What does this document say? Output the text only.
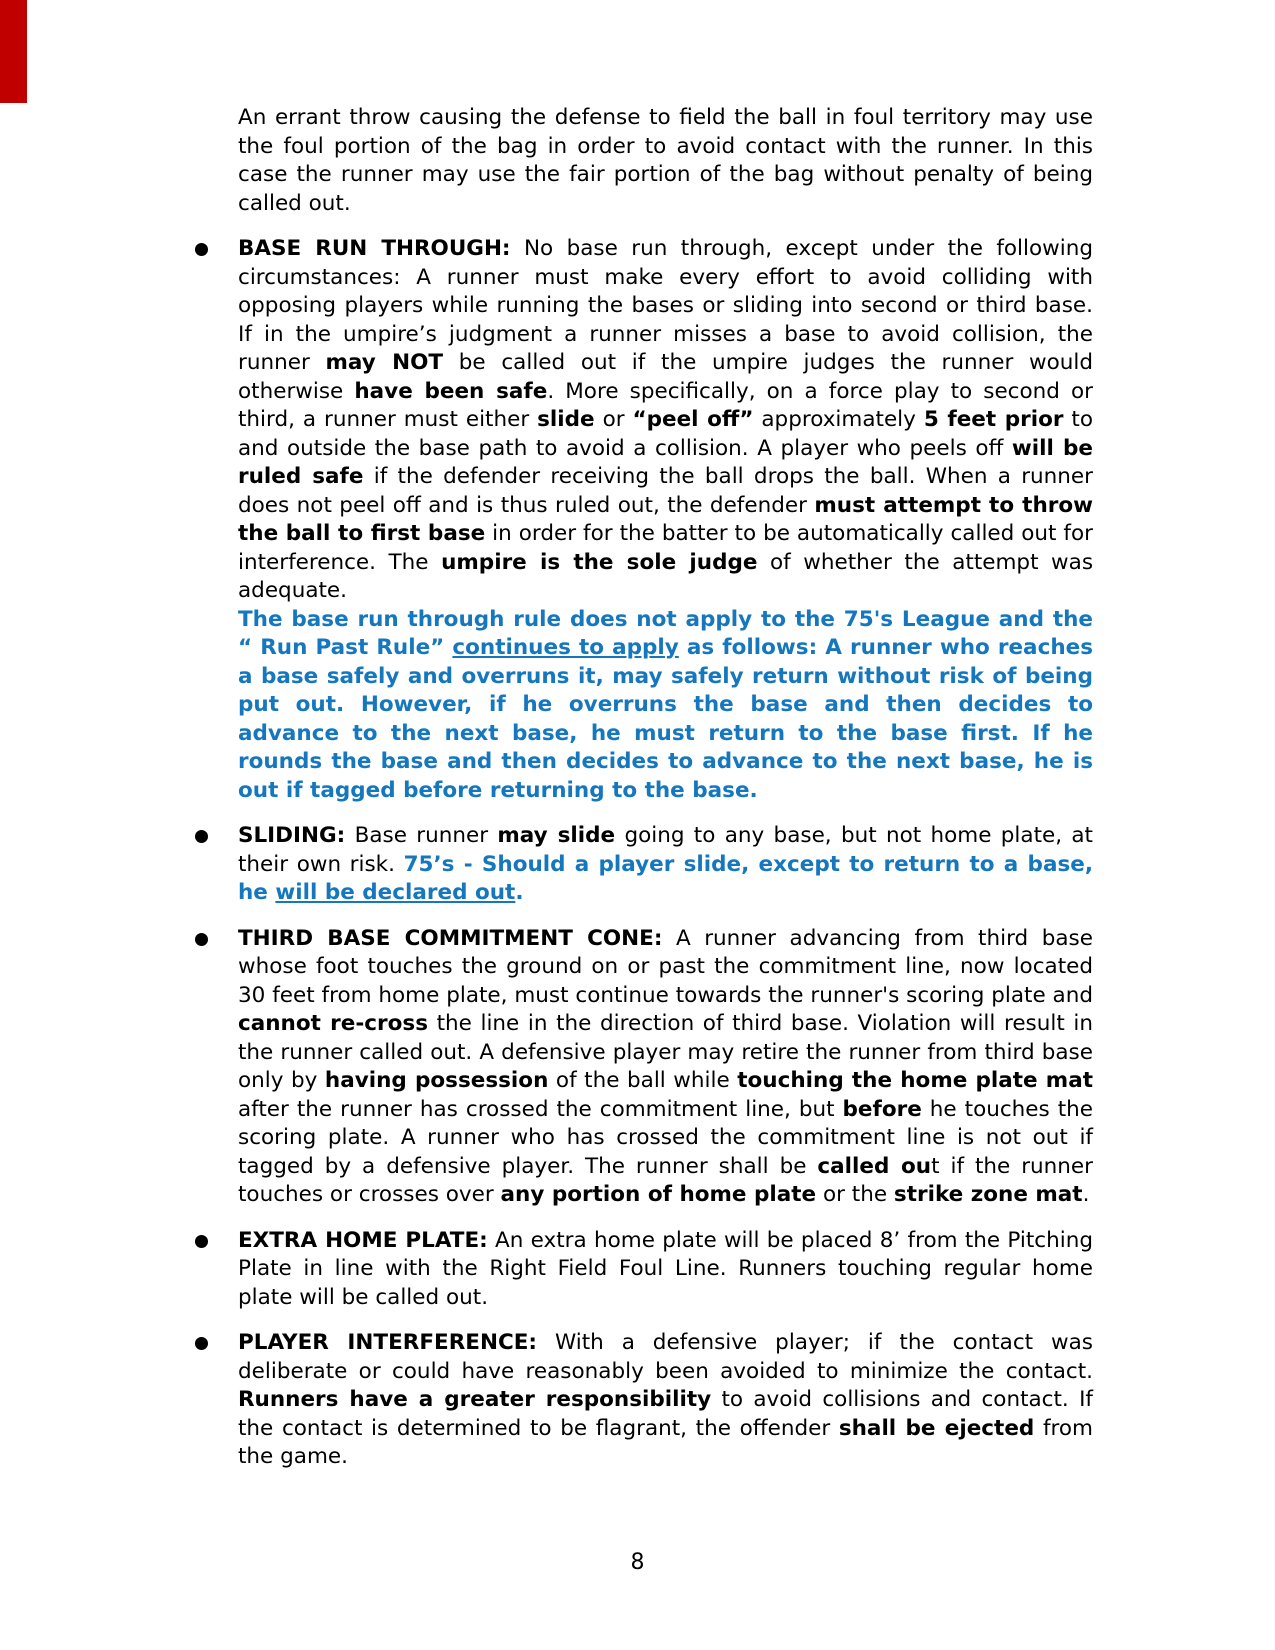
An errant throw causing the defense to field the ball in foul territory may use the foul portion of the bag in order to avoid contact with the runner. In this case the runner may use the fair portion of the bag without penalty of being called out.

BASE RUN THROUGH: No base run through, except under the following circumstances: A runner must make every effort to avoid colliding with opposing players while running the bases or sliding into second or third base. If in the umpire’s judgment a runner misses a base to avoid collision, the runner may NOT be called out if the umpire judges the runner would otherwise have been safe. More specifically, on a force play to second or third, a runner must either slide or “peel off” approximately 5 feet prior to and outside the base path to avoid a collision. A player who peels off will be ruled safe if the defender receiving the ball drops the ball. When a runner does not peel off and is thus ruled out, the defender must attempt to throw the ball to first base in order for the batter to be automatically called out for interference. The umpire is the sole judge of whether the attempt was adequate.
The base run through rule does not apply to the 75's League and the “ Run Past Rule” continues to apply as follows: A runner who reaches a base safely and overruns it, may safely return without risk of being put out. However, if he overruns the base and then decides to advance to the next base, he must return to the base first. If he rounds the base and then decides to advance to the next base, he is out if tagged before returning to the base.
SLIDING: Base runner may slide going to any base, but not home plate, at their own risk. 75’s - Should a player slide, except to return to a base, he will be declared out.
THIRD BASE COMMITMENT CONE: A runner advancing from third base whose foot touches the ground on or past the commitment line, now located 30 feet from home plate, must continue towards the runner's scoring plate and cannot re-cross the line in the direction of third base. Violation will result in the runner called out. A defensive player may retire the runner from third base only by having possession of the ball while touching the home plate mat after the runner has crossed the commitment line, but before he touches the scoring plate. A runner who has crossed the commitment line is not out if tagged by a defensive player. The runner shall be called out if the runner touches or crosses over any portion of home plate or the strike zone mat.
EXTRA HOME PLATE: An extra home plate will be placed 8’ from the Pitching Plate in line with the Right Field Foul Line. Runners touching regular home plate will be called out.
PLAYER INTERFERENCE: With a defensive player; if the contact was deliberate or could have reasonably been avoided to minimize the contact. Runners have a greater responsibility to avoid collisions and contact. If the contact is determined to be flagrant, the offender shall be ejected from the game.
8
